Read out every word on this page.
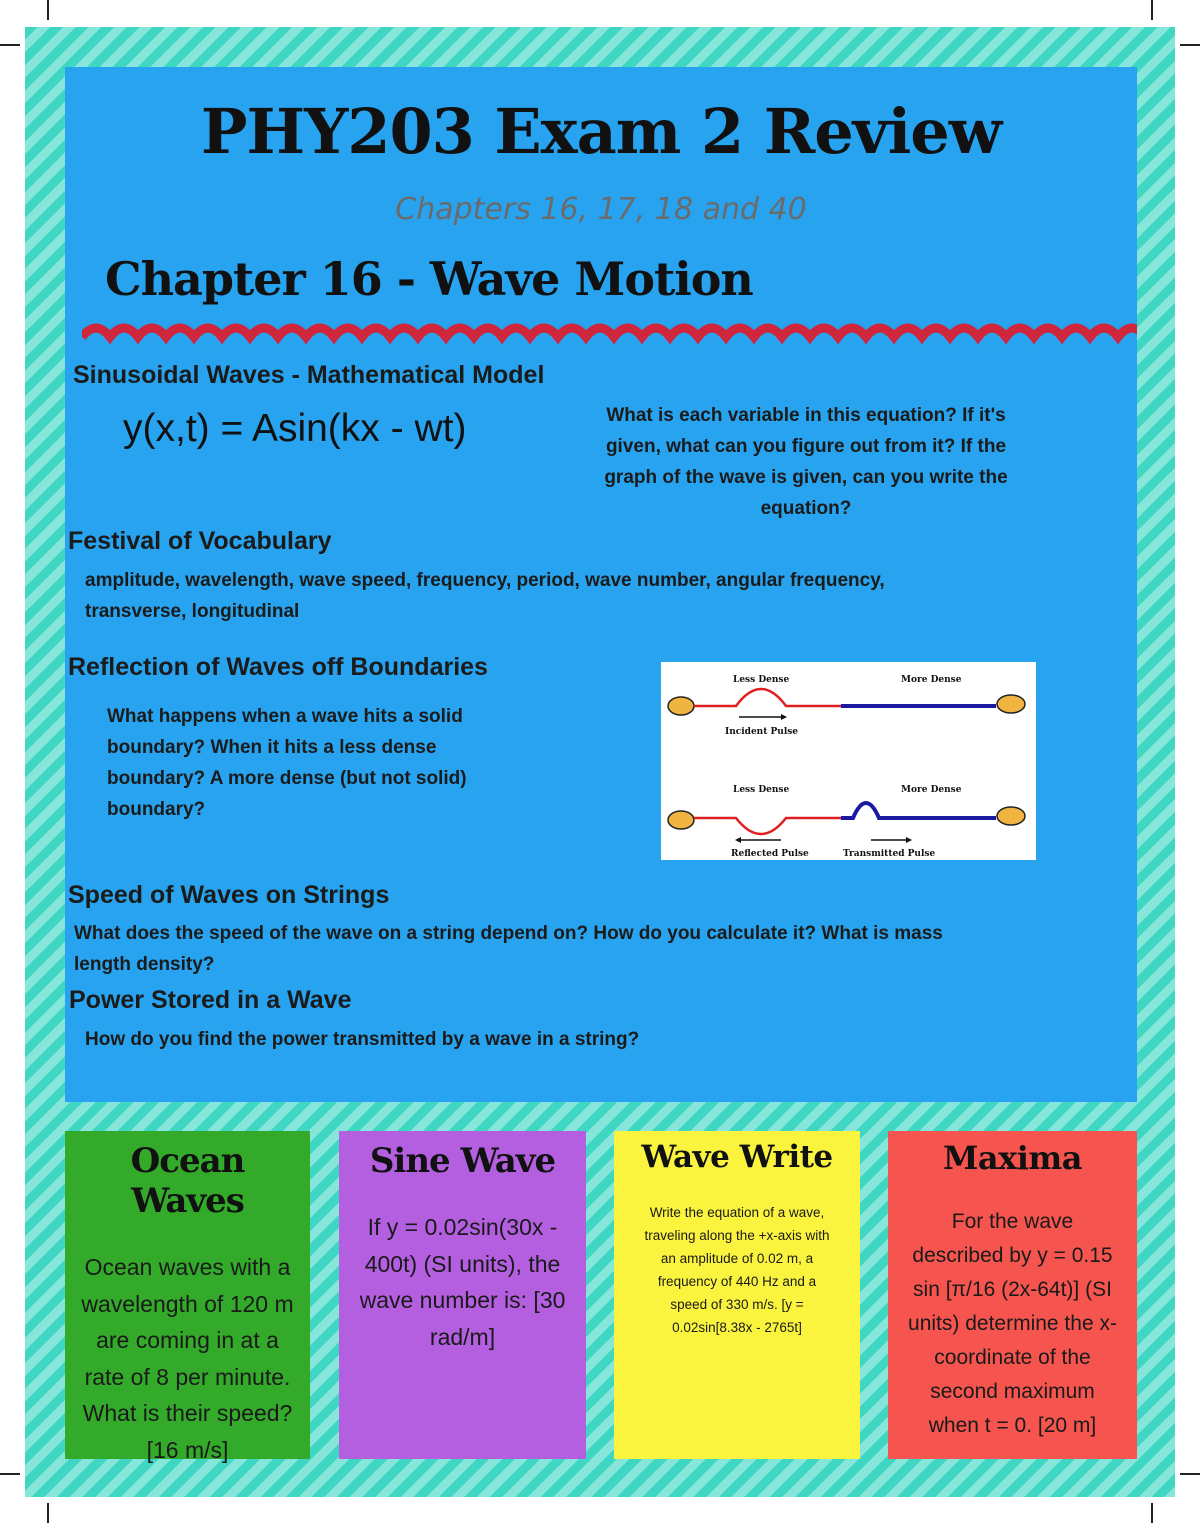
PHY203 Exam 2 Review
Chapters 16, 17, 18 and 40
Chapter 16 - Wave Motion
Sinusoidal Waves - Mathematical Model
y(x,t) = Asin(kx - wt)	What is each variable in this equation? If it's
given, what can you figure out from it? If the
graph of the wave is given, can you write the
equation?
Festival of Vocabulary
amplitude, wavelength, wave speed, frequency, period, wave number, angular frequency,
transverse, longitudinal
Reflection of Waves off Boundaries
What happens when a wave hits a solid
boundary? When it hits a less dense
boundary? A more dense (but not solid)
boundary?
Less Dense	More Dense
Incident Pulse
Less Dense	More Dense
Reflected Pulse	Transmitted Pulse
Speed of Waves on Strings
What does the speed of the wave on a string depend on? How do you calculate it? What is mass
length density?
Power Stored in a Wave
How do you find the power transmitted by a wave in a string?
Ocean Waves

Ocean waves with a

wavelength of 120 m

are coming in at a

rate of 8 per minute.

What is their speed?

[16 m/s]

Sine Wave

If y = 0.02sin(30x -

400t) (SI units), the

wave number is: [30

rad/m]

Wave Write

Write the equation of a wave,

traveling along the +x-axis with

an amplitude of 0.02 m, a

frequency of 440 Hz and a

speed of 330 m/s. [y =

0.02sin[8.38x - 2765t]

Maxima

For the wave

described by y = 0.15

sin [π/16 (2x-64t)] (SI

units) determine the x-

coordinate of the

second maximum

when t = 0. [20 m]
